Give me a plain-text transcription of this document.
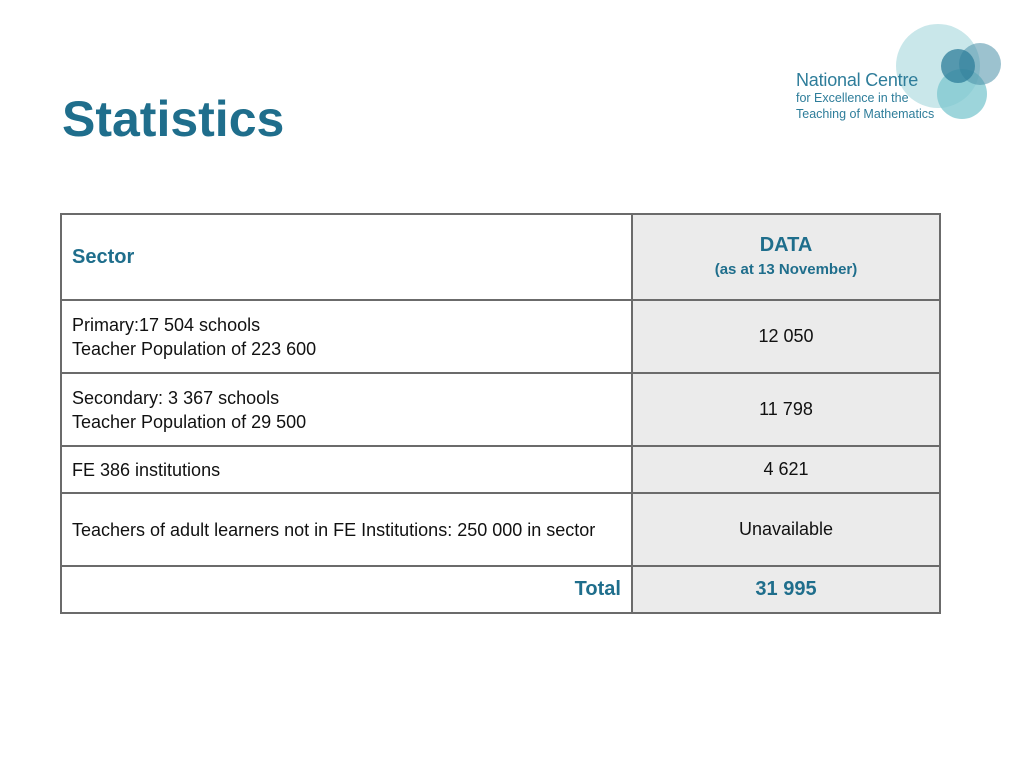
Statistics
National Centre
for Excellence in the
Teaching of Mathematics
Sector	DATA
(as at 13 November)

Primary:17 504 schools
Teacher Population of 223 600	12 050

Secondary: 3 367 schools
Teacher Population of 29 500	11 798

FE 386 institutions	4 621

Teachers of adult learners not in FE Institutions: 250 000 in sector	Unavailable
Total	31 995
